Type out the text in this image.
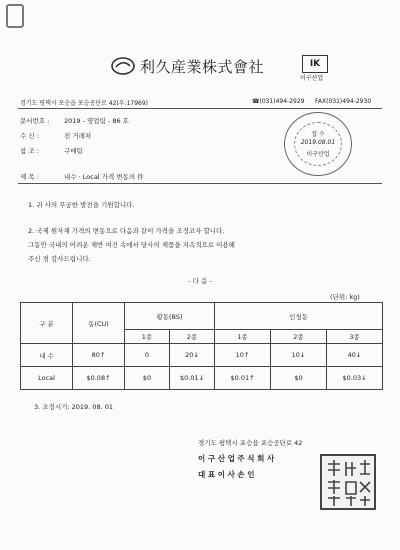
利久産業株式會社	IK
이구산업
경기도 평택시 포승읍 포승공단로 42(우:17969)	☎(031)494-2929 FAX(031)494-2930
문서번호 : 2019 - 영업팀 - 86 호
수 신 :	전 거래처
참 조 :	구매팀
제 목 :	내수 · Local 가격 변동의 件
접 수
2019.08.01
이구산업
1. 귀 사의 무궁한 발전을 기원합니다.
2. 국제 원자재 가격의 변동으로 다음과 같이 가격을 조정코자 합니다.
그동안 국내의 어려운 제반 여건 속에서 당사의 제품을 지속적으로 이용해
주신 점 감사드립니다.
- 다 음 -
(단위: kg)
구 분	동(CU)	황동(BS)		인청동		
		1종	2종	1종	2종	3종
내 수	80↑	0	20↓	10↑	10↓	40↓
Local	$0.08↑	$0	$0.01↓	$0.01↑	$0	$0.03↓
3. 조정시기: 2019. 08. 01
경기도 평택시 포승읍 포승공단로 42
이 구 산 업 주 식 회 사
대 표 이 사 손 인
